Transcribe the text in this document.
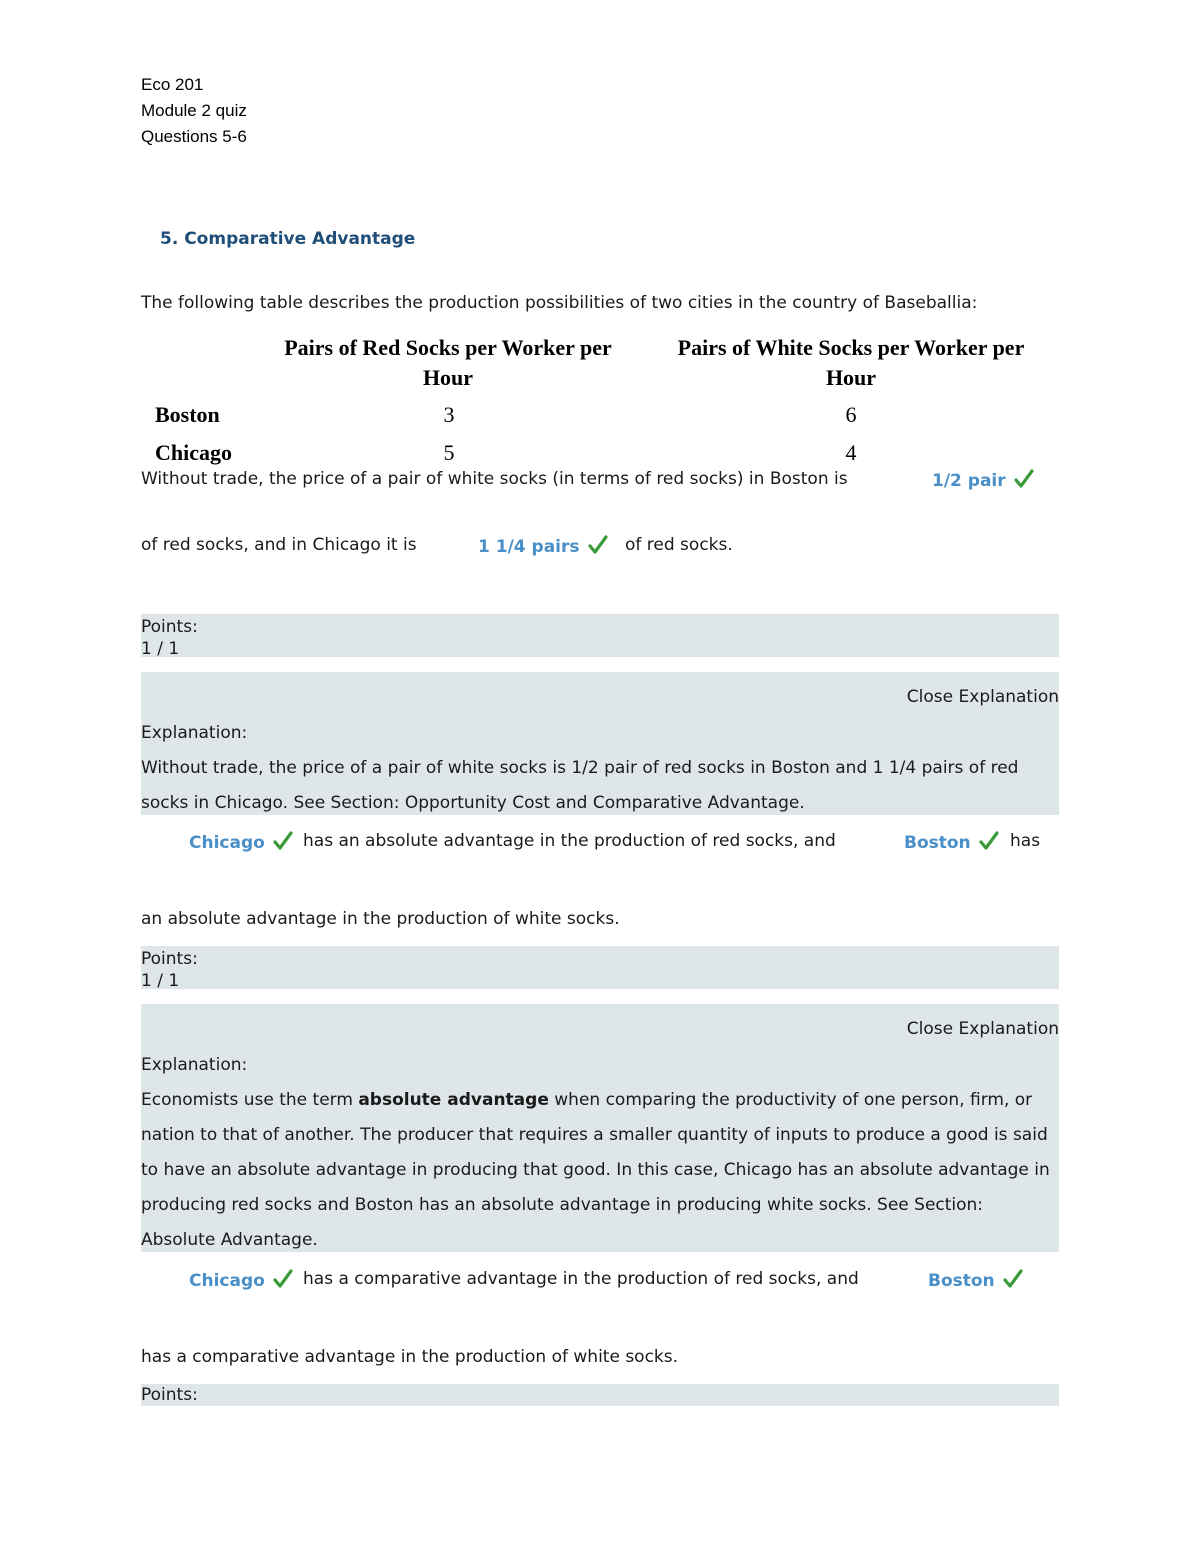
Eco 201
Module 2 quiz
Questions 5-6
5. Comparative Advantage
The following table describes the production possibilities of two cities in the country of Baseballia:
Pairs of Red Socks per Worker per Hour
Pairs of White Socks per Worker per Hour
Boston	3	6
Chicago	5	4
Without trade, the price of a pair of white socks (in terms of red socks) in Boston is	1/2 pair
of red socks, and in Chicago it is	1 1/4 pairs	of red socks.
Points:
1 / 1
Close Explanation
Explanation:
Without trade, the price of a pair of white socks is 1/2 pair of red socks in Boston and 1 1/4 pairs of red socks in Chicago. See Section: Opportunity Cost and Comparative Advantage.
Chicago	has an absolute advantage in the production of red socks, and	Boston	has
an absolute advantage in the production of white socks.
Points:
1 / 1
Close Explanation
Explanation:
Economists use the term absolute advantage when comparing the productivity of one person, firm, or nation to that of another. The producer that requires a smaller quantity of inputs to produce a good is said to have an absolute advantage in producing that good. In this case, Chicago has an absolute advantage in producing red socks and Boston has an absolute advantage in producing white socks. See Section: Absolute Advantage.
Chicago	has a comparative advantage in the production of red socks, and	Boston
has a comparative advantage in the production of white socks.
Points:
